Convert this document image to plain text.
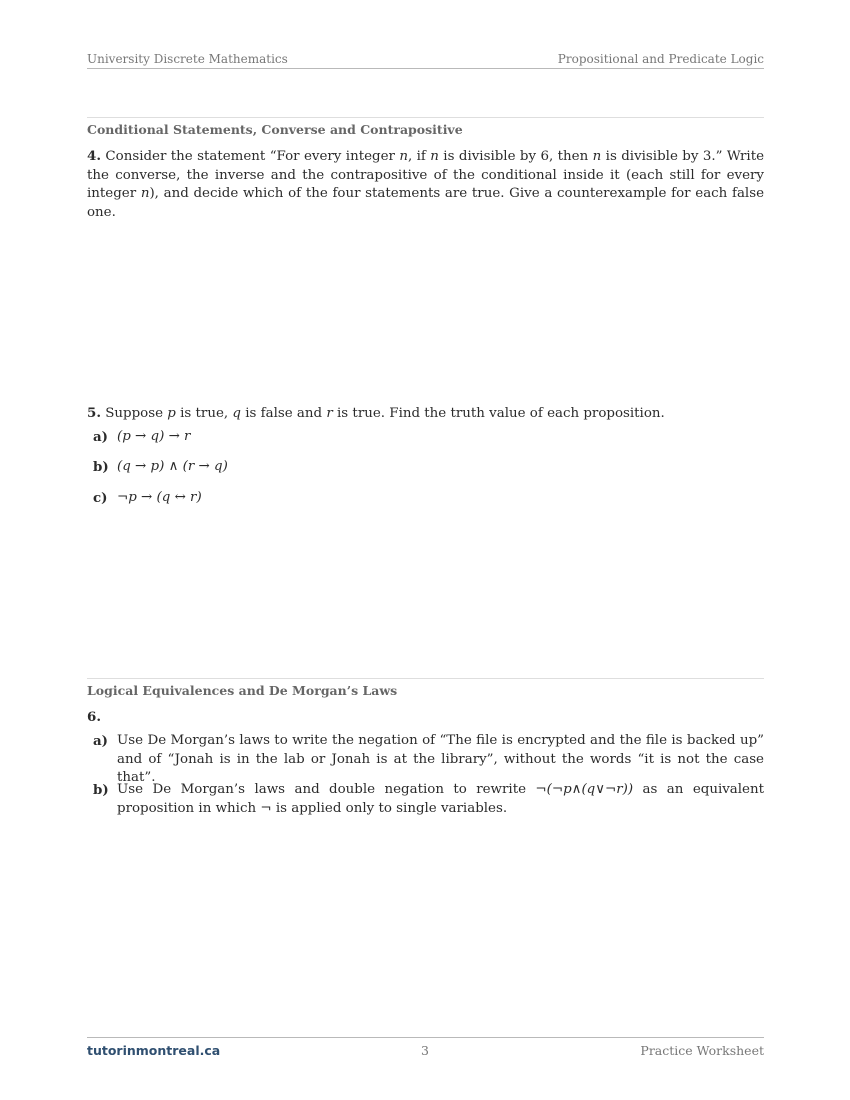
University Discrete Mathematics	Propositional and Predicate Logic
Conditional Statements, Converse and Contrapositive
4. Consider the statement “For every integer n, if n is divisible by 6, then n is divisible by 3.” Write the converse, the inverse and the contrapositive of the conditional inside it (each still for every integer n), and decide which of the four statements are true. Give a counterexample for each false one.
5. Suppose p is true, q is false and r is true. Find the truth value of each proposition.
a) (p → q) → r
b) (q → p) ∧ (r → q)
c) ¬p → (q ↔ r)
Logical Equivalences and De Morgan’s Laws
6.
a) Use De Morgan’s laws to write the negation of “The file is encrypted and the file is backed up” and of “Jonah is in the lab or Jonah is at the library”, without the words “it is not the case that”.
b) Use De Morgan’s laws and double negation to rewrite ¬(¬p∧(q∨¬r)) as an equivalent proposition in which ¬ is applied only to single variables.
tutorinmontreal.ca	3	Practice Worksheet
